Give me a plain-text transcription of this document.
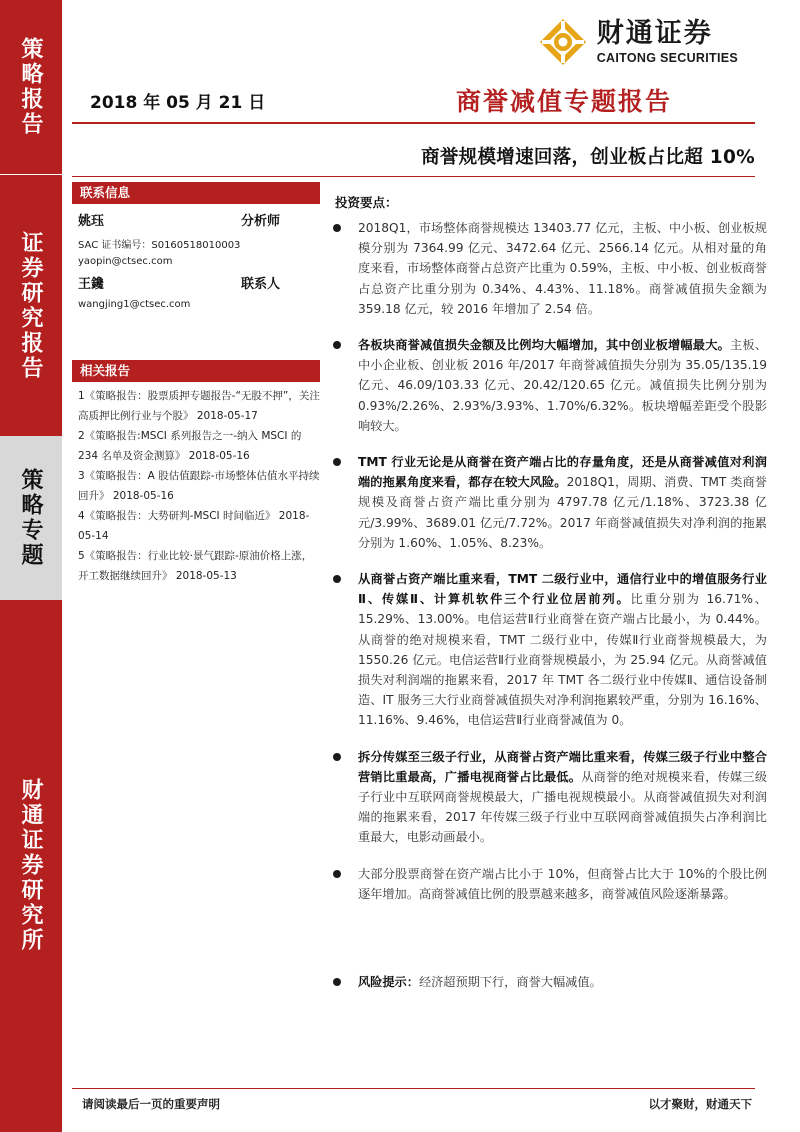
策略报告
证券研究报告
策略专题
财通证券研究所
财通证券
CAITONG SECURITIES
2018 年 05 月 21 日	商誉减值专题报告
商誉规模增速回落，创业板占比超 10%
联系信息
姚珏	分析师
SAC 证书编号：S0160518010003
yaopin@ctsec.com
王鑱	联系人
wangjing1@ctsec.com
相关报告
1《策略报告：股票质押专题报告-“无股不押”，关注高质押比例行业与个股》 2018-05-17
2《策略报告:MSCI 系列报告之一-纳入 MSCI 的 234 名单及资金测算》 2018-05-16
3《策略报告：A 股估值跟踪-市场整体估值水平持续回升》 2018-05-16
4《策略报告：大势研判-MSCI 时间临近》 2018-05-14
5《策略报告：行业比较·景气跟踪-原油价格上涨，开工数据继续回升》 2018-05-13
投资要点：
2018Q1，市场整体商誉规模达 13403.77 亿元，主板、中小板、创业板规模分别为 7364.99 亿元、3472.64 亿元、2566.14 亿元。从相对量的角度来看，市场整体商誉占总资产比重为 0.59%，主板、中小板、创业板商誉占总资产比重分别为 0.34%、4.43%、11.18%。商誉减值损失金额为 359.18 亿元，较 2016 年增加了 2.54 倍。
各板块商誉减值损失金额及比例均大幅增加，其中创业板增幅最大。主板、中小企业板、创业板 2016 年/2017 年商誉减值损失分别为 35.05/135.19 亿元、46.09/103.33 亿元、20.42/120.65 亿元。减值损失比例分别为 0.93%/2.26%、2.93%/3.93%、1.70%/6.32%。板块增幅差距受个股影响较大。
TMT 行业无论是从商誉在资产端占比的存量角度，还是从商誉减值对利润端的拖累角度来看，都存在较大风险。2018Q1，周期、消费、TMT 类商誉规模及商誉占资产端比重分别为 4797.78 亿元/1.18%、3723.38 亿元/3.99%、3689.01 亿元/7.72%。2017 年商誉减值损失对净利润的拖累分别为 1.60%、1.05%、8.23%。
从商誉占资产端比重来看，TMT 二级行业中，通信行业中的增值服务行业Ⅱ、传媒Ⅱ、计算机软件三个行业位居前列。比重分别为 16.71%、15.29%、13.00%。电信运营Ⅱ行业商誉在资产端占比最小，为 0.44%。从商誉的绝对规模来看，TMT 二级行业中，传媒Ⅱ行业商誉规模最大，为 1550.26 亿元。电信运营Ⅱ行业商誉规模最小，为 25.94 亿元。从商誉减值损失对利润端的拖累来看，2017 年 TMT 各二级行业中传媒Ⅱ、通信设备制造、IT 服务三大行业商誉减值损失对净利润拖累较严重，分别为 16.16%、11.16%、9.46%，电信运营Ⅱ行业商誉减值为 0。
拆分传媒至三级子行业，从商誉占资产端比重来看，传媒三级子行业中整合营销比重最高，广播电视商誉占比最低。从商誉的绝对规模来看，传媒三级子行业中互联网商誉规模最大，广播电视规模最小。从商誉减值损失对利润端的拖累来看，2017 年传媒三级子行业中互联网商誉减值损失占净利润比重最大，电影动画最小。
大部分股票商誉在资产端占比小于 10%，但商誉占比大于 10%的个股比例逐年增加。高商誉减值比例的股票越来越多，商誉减值风险逐渐暴露。
风险提示：经济超预期下行，商誉大幅减值。
请阅读最后一页的重要声明	以才聚财，财通天下
